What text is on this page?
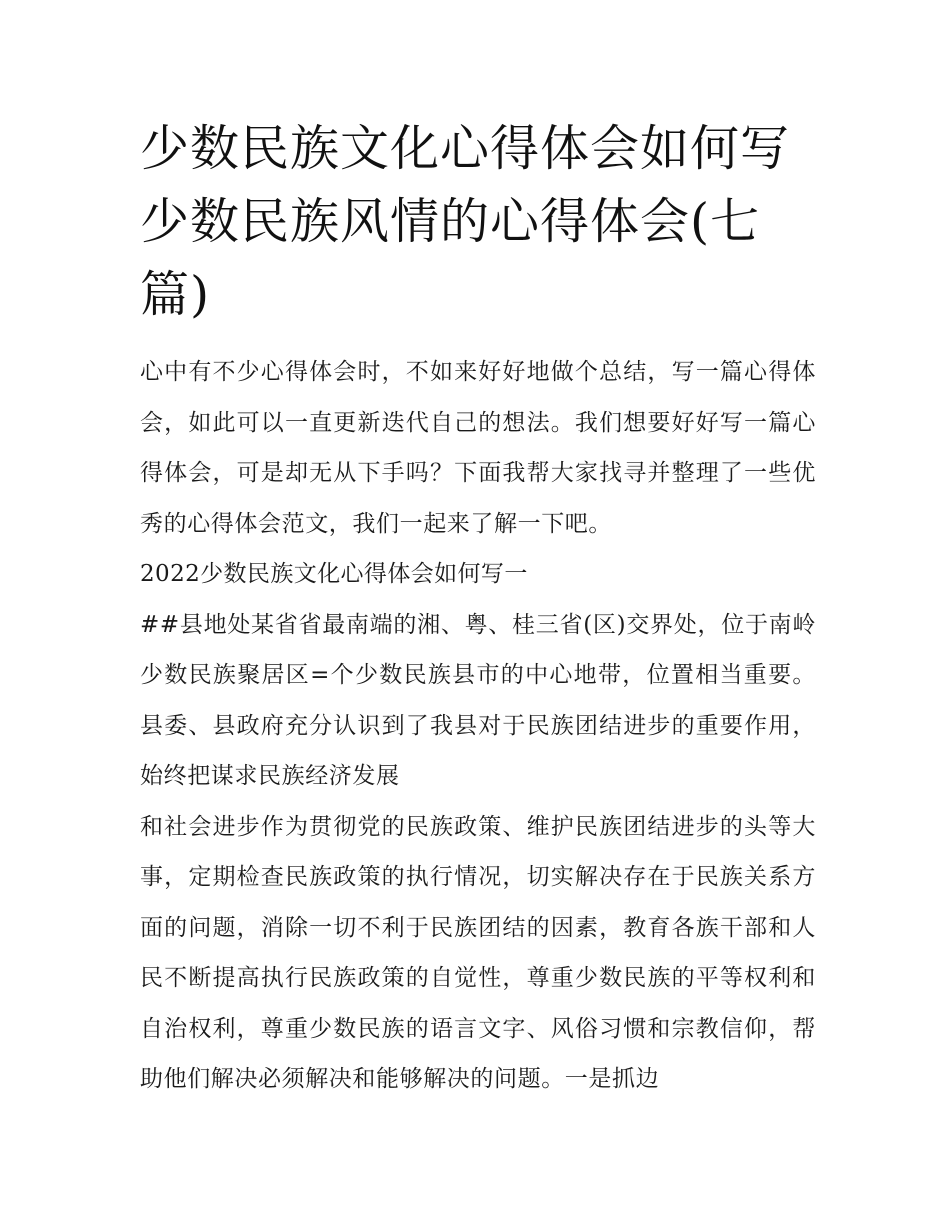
少数民族文化心得体会如何写少数民族风情的心得体会(七篇)

心中有不少心得体会时，不如来好好地做个总结，写一篇心得体会，如此可以一直更新迭代自己的想法。我们想要好好写一篇心得体会，可是却无从下手吗？下面我帮大家找寻并整理了一些优秀的心得体会范文，我们一起来了解一下吧。

2022少数民族文化心得体会如何写一

##县地处某省省最南端的湘、粤、桂三省(区)交界处，位于南岭少数民族聚居区=个少数民族县市的中心地带，位置相当重要。县委、县政府充分认识到了我县对于民族团结进步的重要作用，始终把谋求民族经济发展

和社会进步作为贯彻党的民族政策、维护民族团结进步的头等大事，定期检查民族政策的执行情况，切实解决存在于民族关系方面的问题，消除一切不利于民族团结的因素，教育各族干部和人民不断提高执行民族政策的自觉性，尊重少数民族的平等权利和自治权利，尊重少数民族的语言文字、风俗习惯和宗教信仰，帮助他们解决必须解决和能够解决的问题。一是抓边
